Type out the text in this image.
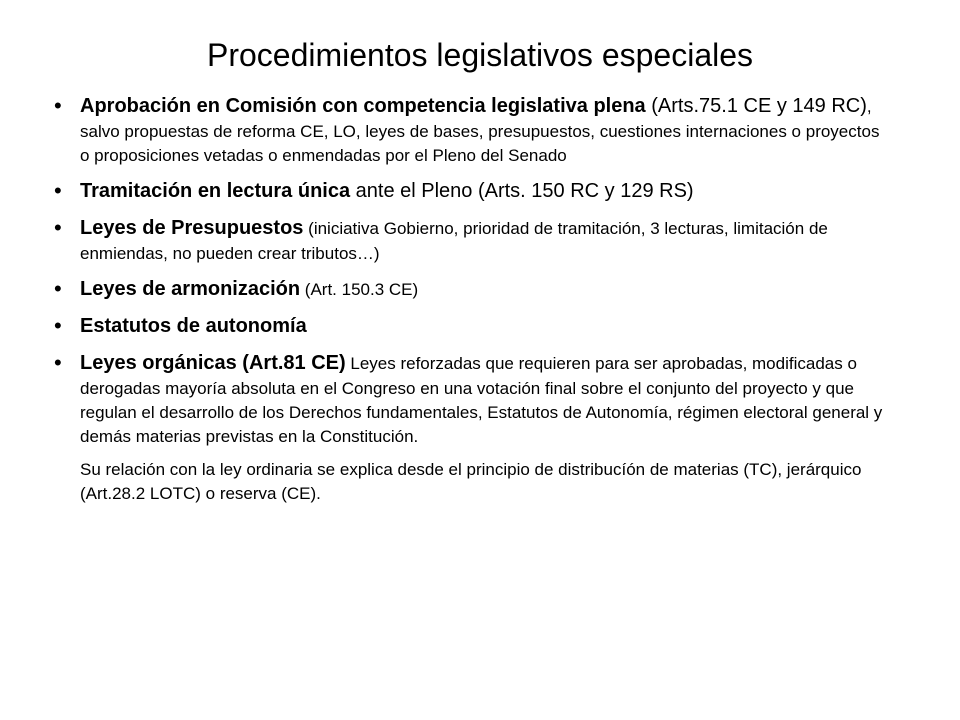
Procedimientos legislativos especiales
• Aprobación en Comisión con competencia legislativa plena (Arts.75.1 CE y 149 RC), salvo propuestas de reforma CE, LO, leyes de bases, presupuestos, cuestiones internaciones o proyectos o proposiciones vetadas o enmendadas por el Pleno del Senado
• Tramitación en lectura única ante el Pleno (Arts. 150 RC y 129 RS)
• Leyes de Presupuestos (iniciativa Gobierno, prioridad de tramitación, 3 lecturas, limitación de enmiendas, no pueden crear tributos…)
• Leyes de armonización (Art. 150.3 CE)
• Estatutos de autonomía
• Leyes orgánicas (Art.81 CE) Leyes reforzadas que requieren para ser aprobadas, modificadas o derogadas mayoría absoluta en el Congreso en una votación final sobre el conjunto del proyecto y que regulan el desarrollo de los Derechos fundamentales, Estatutos de Autonomía, régimen electoral general y demás materias previstas en la Constitución.

Su relación con la ley ordinaria se explica desde el principio de distribucíón de materias (TC), jerárquico (Art.28.2 LOTC) o reserva (CE).
